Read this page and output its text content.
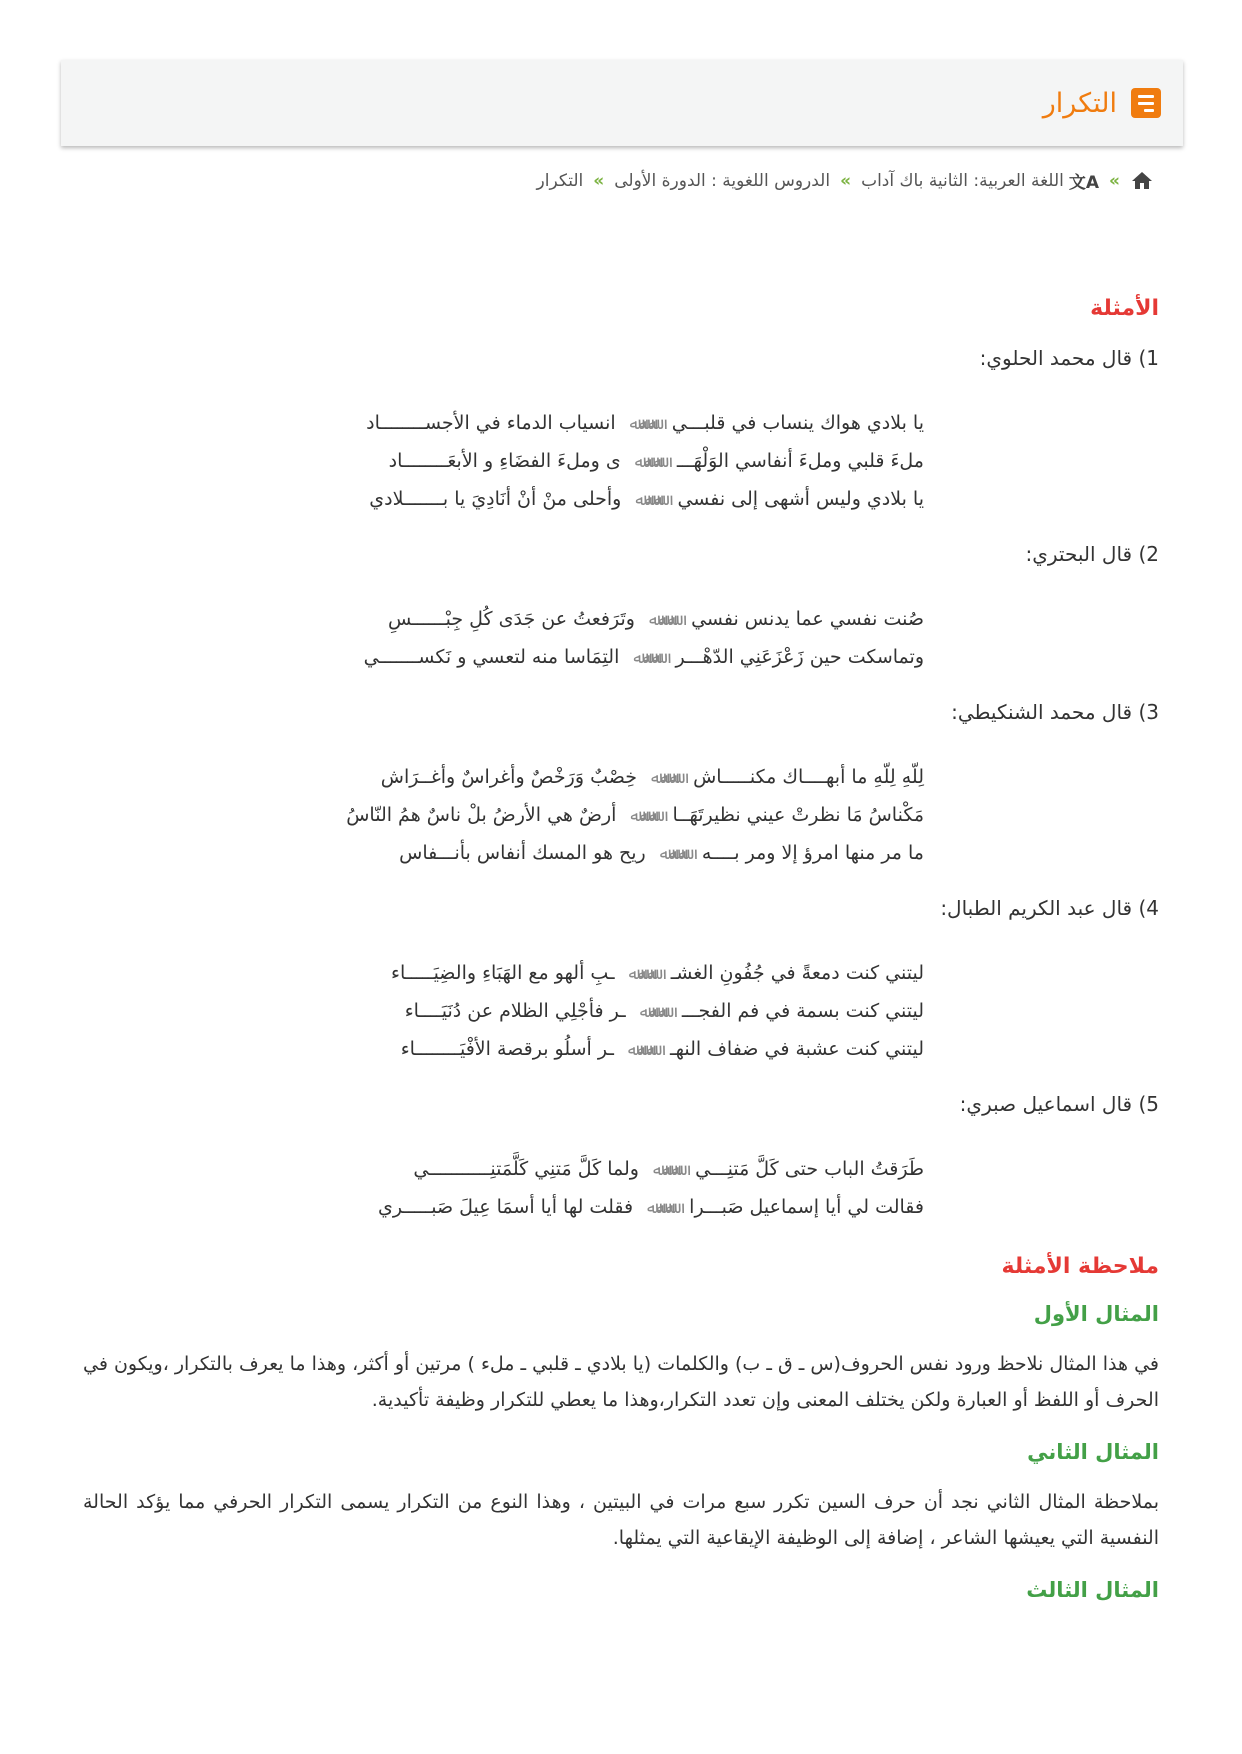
التكرار
»
文A
اللغة العربية: الثانية باك آداب
»
الدروس اللغوية : الدورة الأولى
»
التكرار
الأمثلة
1) قال محمد الحلوي:
يا بلادي هواك ينساب في قلبـــي
ﷲﷲﷲ
انسياب الدماء في الأجســــــــاد
ملءَ قلبي وملءَ أنفاسي الوَلْهَـــ
ﷲﷲﷲ
ى وملءَ الفضَاءِ و الأبعَــــــــاد
يا بلادي وليس أشهى إلى نفسي
ﷲﷲﷲ
وأحلى منْ أنْ أنَادِيَ يا بـــــــلادي
2) قال البحتري:
صُنت نفسي عما يدنس نفسي
ﷲﷲﷲ
وتَرَفعتُ عن جَدَى كُلِ جِبْــــــسِ
وتماسكت حين زَعْزَعَنِي الدّهْـــر
ﷲﷲﷲ
التِمَاسا منه لتعسي و نَكســـــــي
3) قال محمد الشنكيطي:
لِلّهِ لِلّهِ ما أبهــــاك مكنـــــاش
ﷲﷲﷲ
خِصْبٌ وَرَخْصٌ وأغراسٌ وأغــرَاش
مَكْناسُ مَا نظرتْ عيني نظيرتَهَــا
ﷲﷲﷲ
أرضٌ هي الأرضُ بلْ ناسٌ همُ النّاسُ
ما مر منها امرؤ إلا ومر بــــه
ﷲﷲﷲ
ريح هو المسك أنفاس بأنـــفاس
4) قال عبد الكريم الطبال:
ليتني كنت دمعةً في جُفُونِ الغشـ
ﷲﷲﷲ
ـبِ ألهو مع الهَبَاءِ والضِيَـــــاء
ليتني كنت بسمة في فم الفجـــ
ﷲﷲﷲ
ـر فأجْلِي الظلام عن دُنَيَــــاء
ليتني كنت عشبة في ضفاف النهـ
ﷲﷲﷲ
ـر أسلُو برقصة الأفْيَــــــــاء
5) قال اسماعيل صبري:
طَرَقتُ الباب حتى كَلَّ مَتنِـــي
ﷲﷲﷲ
ولما كَلَّ مَتنِي كَلَّمَتنِـــــــــــي
فقالت لي أيا إسماعيل صَبـــرا
ﷲﷲﷲ
فقلت لها أيا أسمَا عِيلَ صَبـــــري
ملاحظة الأمثلة
المثال الأول

في هذا المثال نلاحظ ورود نفس الحروف(س ـ ق ـ ب) والكلمات (يا بلادي ـ قلبي ـ ملء ) مرتين أو أكثر، وهذا ما يعرف بالتكرار ،ويكون في الحرف أو اللفظ أو العبارة ولكن يختلف المعنى وإن تعدد التكرار،وهذا ما يعطي للتكرار وظيفة تأكيدية.

المثال الثاني

بملاحظة المثال الثاني نجد أن حرف السين تكرر سبع مرات في البيتين ، وهذا النوع من التكرار يسمى التكرار الحرفي مما يؤكد الحالة النفسية التي يعيشها الشاعر ، إضافة إلى الوظيفة الإيقاعية التي يمثلها.

المثال الثالث
